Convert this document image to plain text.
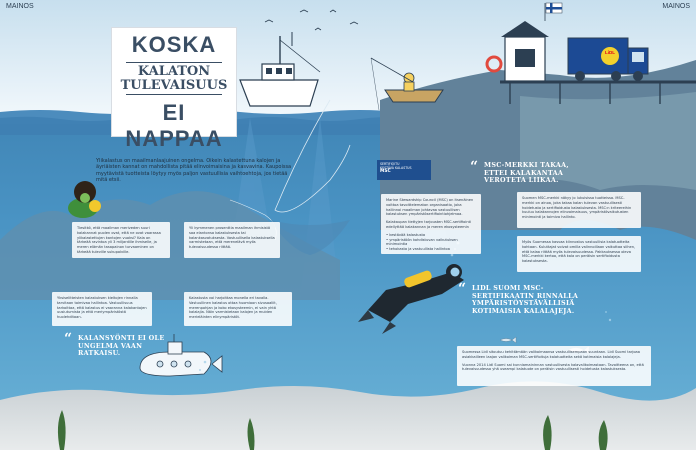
MAINOS	MAINOS
KOSKA
KALATON
TULEVAISUUS
EI NAPPAA
Ylikalastus on maailmanlaajuinen ongelma. Oikein kalastettuna kalojen ja äyriäisten kannat on mahdollista pitää elinvoimaisina ja kasvavina. Kaupoissa myytävistä tuotteista löytyy myös paljon vastuullisia vaihtoehtoja, jos tietää mitä etsii.
SERTIFIOITU
KESTÄVÄ KALASTUS
MSC
LiDL
Tiesitkö, että maailman meriveden suuri kalakannat puolen ovat, että ne ovat vaarassa ylikalastettujen kantojen vuoksi? Kala on tärkeää ravintoa yli 3 miljardille ihmiselle, ja meren elämän tasapainon turvaaminen on tärkeää tuleville sukupolville.
Yli kymmenen prosenttia maailman ihmisistä saa elantonsa kalastuksesta tai kalankasvatuksesta. Vastuullisella kalastuksella varmistetaan, että merenelävä myös tulevaisuudessa riittää.
“ MSC-MERKKI TAKAA, ETTEI KALAKANTAA VEROTETA LIIKAA.

Marine Stewardship Council (MSC) on itsenäinen voittoa tavoittelematon organisaatio, joka hallinnoi maailman johtavaa vastuullisen kalastuksen ympäristösertifiointiohjelmaa.

Kalakaupan tiettyjen tarjousten MSC-sertifiointi edellyttää kalakannan ja meren ekosysteemin

• kestävää kalastusta
• ympäristöön kohdistuvan vaikutuksen minimointia
• tehokasta ja vastuullista hallintoa
Suomen MSC-merkki näkyy jo lukuisissa tuotteissa. MSC-merkki on ainoa, joka takaa kalan tulevan vastuullisesti hoidetusta ja sertifioidusta kalastuksesta. MSC:n kriteereihin kuuluu kalakannojen elinvoimaisuus, ympäristövaikutusten minimointi ja toimiva hallinto.
Myös Suomessa kasvaa kiinnostus vastuullisia kalatuotteita kohtaan. Kuluttajat voivat omilla valinnoillaan vaikuttaa siihen, että kalaa riittää myös tulevaisuudessa. Pakkauksessa oleva MSC-merkki kertoo, että kala on peräisin sertifioidusta kalastuksesta.
Yksiselitteisten kalastuksen kieltojen rinnalla tarvitaan toimivaa hallintoa. Vastuullisuus tarkoittaa, että kalastus ei vaaranna kalakantojen uusiutumista ja että meriympäristöstä huolehditaan.
Kalastusta voi harjoittaa monella eri tavalla. Vastuullinen kalastus ottaa huomioon sivusaaliit, merenpohjan ja koko ekosysteemin, ei vain yhtä kalalajia. Näin varmistetaan kalojen ja muiden merieläinten elinympäristöt.
“ LIDL SUOMI MSC-SERTIFIKAATIN RINNALLA YMPÄRISTÖYSTÄVÄLLISIÄ KOTIMAISIA KALALAJEJA.

Suomessa Lidl sitoutuu kehittämään valikoimaansa vastuullisempaan suuntaan. Lidl Suomi tarjoaa asiakkailleen laajan valikoiman MSC-sertifioituja kalatuotteita sekä kotimaisia kalalajeja.

Vuonna 2014 Lidl Suomi sai kunniamaininnan vastuullisesta kalavalikoimastaan. Tavoitteena on, että tulevaisuudessa yhä useampi kalatuote on peräisin vastuullisesti hoidetusta kalastuksesta.

“ KALANSYÖNTI EI OLE UNGELMA VAAN RATKAISU.
